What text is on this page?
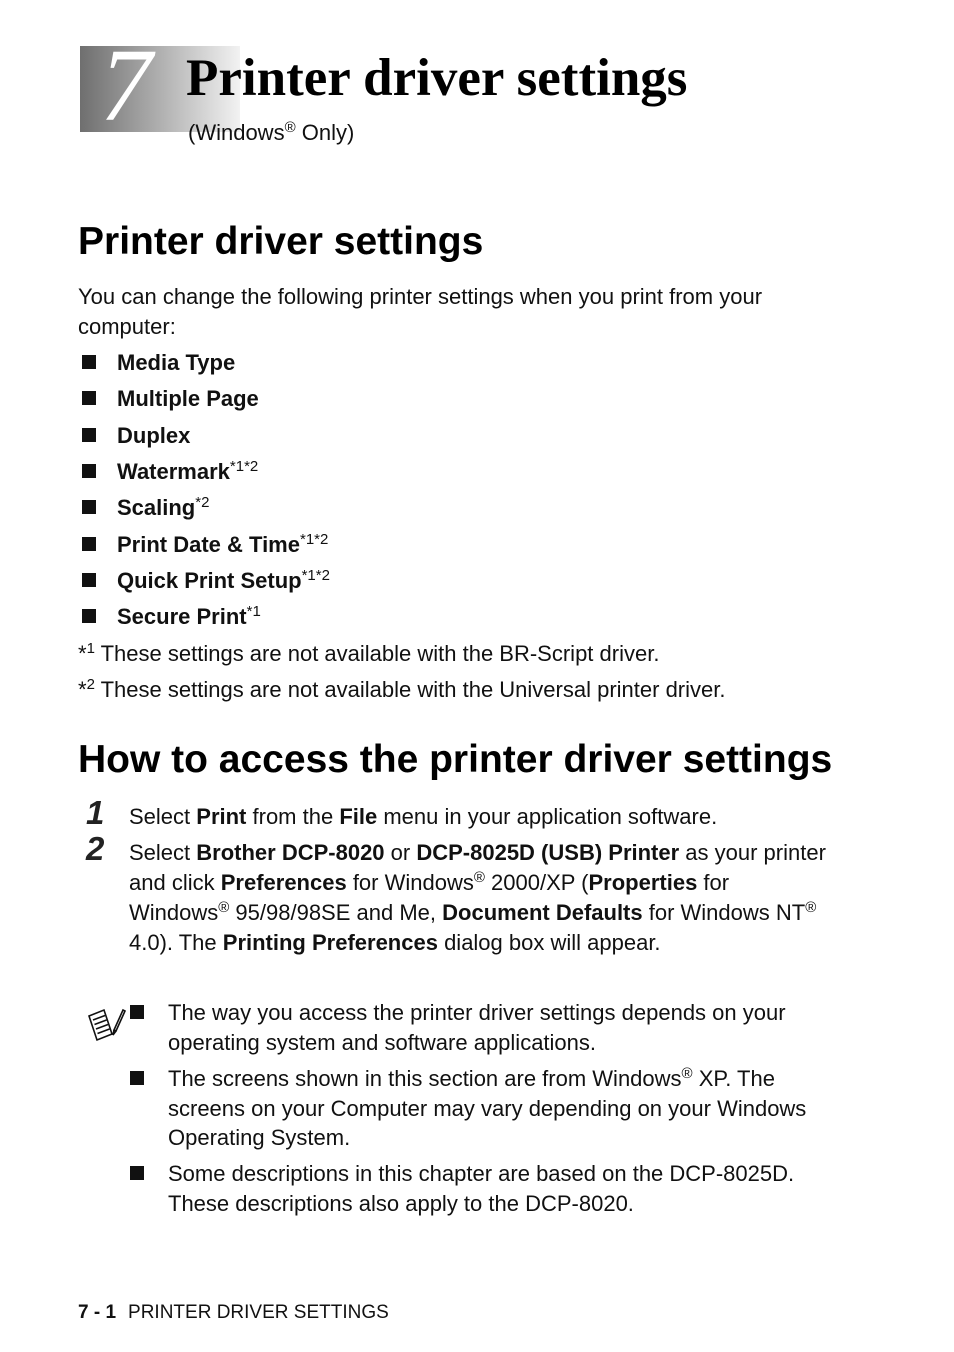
7 Printer driver settings
(Windows® Only)
Printer driver settings
You can change the following printer settings when you print from your computer:
Media Type
Multiple Page
Duplex
Watermark$^{*1*2}$
Scaling$^{*2}$
Print Date & Time$^{*1*2}$
Quick Print Setup$^{*1*2}$
Secure Print$^{*1}$
*$^1$ These settings are not available with the BR-Script driver.
*$^2$ These settings are not available with the Universal printer driver.
How to access the printer driver settings
1 Select Print from the File menu in your application software.
2 Select Brother DCP-8020 or DCP-8025D (USB) Printer as your printer and click Preferences for Windows® 2000/XP (Properties for Windows® 95/98/98SE and Me, Document Defaults for Windows NT® 4.0). The Printing Preferences dialog box will appear.
The way you access the printer driver settings depends on your operating system and software applications.
The screens shown in this section are from Windows® XP. The screens on your Computer may vary depending on your Windows Operating System.
Some descriptions in this chapter are based on the DCP-8025D. These descriptions also apply to the DCP-8020.
7 - 1 PRINTER DRIVER SETTINGS
